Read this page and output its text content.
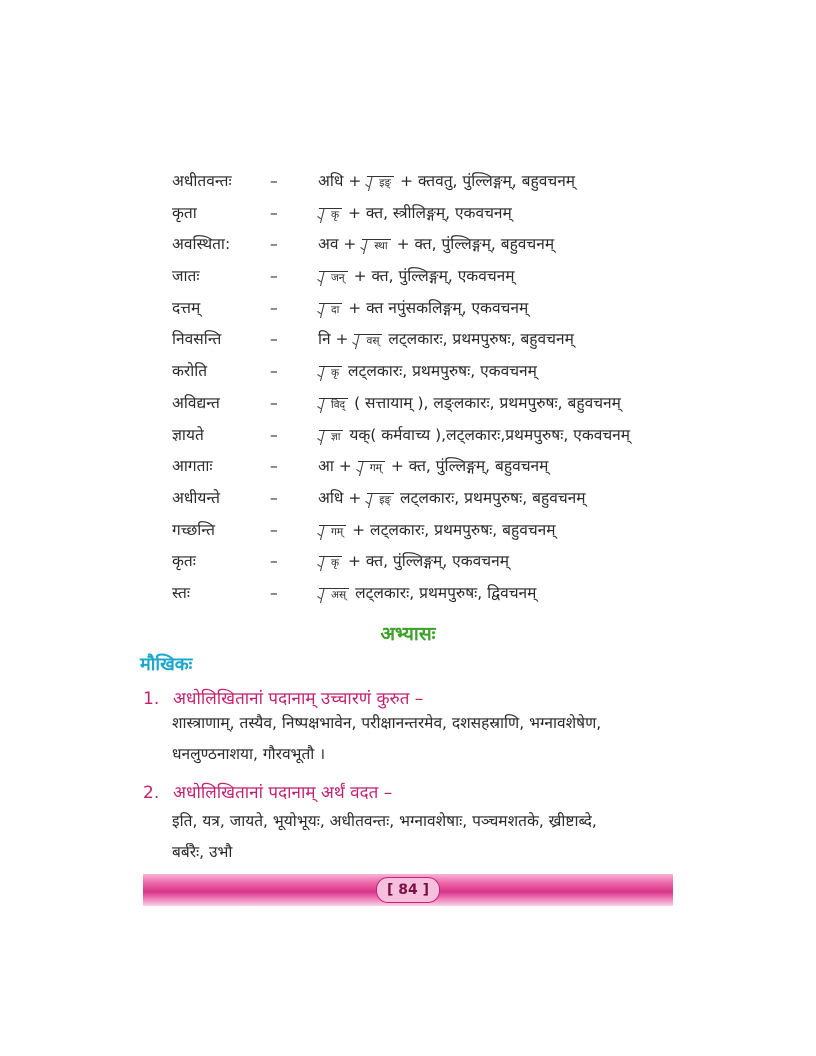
अधीतवन्तः –	अधि + इङ् + क्तवतु, पुंल्लिङ्गम्, बहुवचनम्
कृता	–	कृ + क्त, स्त्रीलिङ्गम्, एकवचनम्
अवस्थिता:	–	अव + स्था + क्त, पुंल्लिङ्गम्, बहुवचनम्
जातः	–	जन् + क्त, पुंल्लिङ्गम्, एकवचनम्
दत्तम्	–	दा + क्त नपुंसकलिङ्गम्, एकवचनम्
निवसन्ति	–	नि + वस् लट्लकारः, प्रथमपुरुषः, बहुवचनम्
करोति	–	कृ लट्लकारः, प्रथमपुरुषः, एकवचनम्
अविद्यन्त	–	विद् ( सत्तायाम् ), लङ्लकारः, प्रथमपुरुषः, बहुवचनम्
ज्ञायते	–	ज्ञा यक्( कर्मवाच्य ),लट्लकारः,प्रथमपुरुषः, एकवचनम्
आगताः	–	आ + गम् + क्त, पुंल्लिङ्गम्, बहुवचनम्
अधीयन्ते	–	अधि + इङ् लट्लकारः, प्रथमपुरुषः, बहुवचनम्
गच्छन्ति	–	गम् + लट्लकारः, प्रथमपुरुषः, बहुवचनम्
कृतः	–	कृ + क्त, पुंल्लिङ्गम्, एकवचनम्
स्तः	–	अस् लट्लकारः, प्रथमपुरुषः, द्विवचनम्
अभ्यासः
मौखिकः
1. अधोलिखितानां पदानाम् उच्चारणं कुरुत –
शास्त्राणाम्, तस्यैव, निष्पक्षभावेन, परीक्षानन्तरमेव, दशसहस्राणि, भग्नावशेषेण,
धनलुण्ठनाशया, गौरवभूतौ ।
2. अधोलिखितानां पदानाम् अर्थं वदत –
इति, यत्र, जायते, भूयोभूयः, अधीतवन्तः, भग्नावशेषाः, पञ्चमशतके, ख्रीष्टाब्दे,
बर्बरैः, उभौ
[ 84 ]
